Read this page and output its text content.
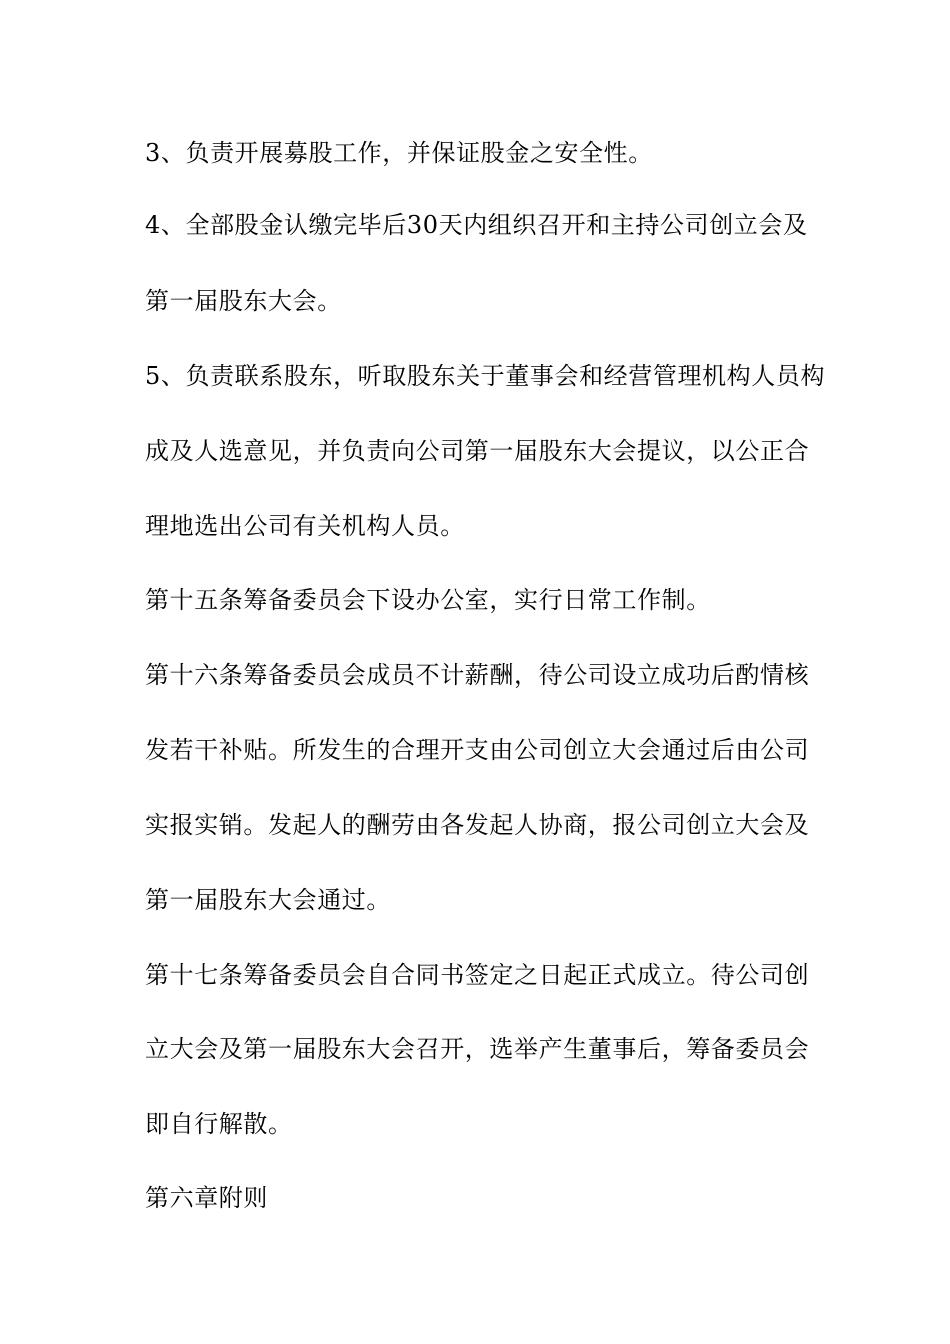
3、负责开展募股工作，并保证股金之安全性。
4、全部股金认缴完毕后30天内组织召开和主持公司创立会及
第一届股东大会。
5、负责联系股东，听取股东关于董事会和经营管理机构人员构
成及人选意见，并负责向公司第一届股东大会提议，以公正合
理地选出公司有关机构人员。
第十五条筹备委员会下设办公室，实行日常工作制。
第十六条筹备委员会成员不计薪酬，待公司设立成功后酌情核
发若干补贴。所发生的合理开支由公司创立大会通过后由公司
实报实销。发起人的酬劳由各发起人协商，报公司创立大会及
第一届股东大会通过。
第十七条筹备委员会自合同书签定之日起正式成立。待公司创
立大会及第一届股东大会召开，选举产生董事后，筹备委员会
即自行解散。
第六章附则
